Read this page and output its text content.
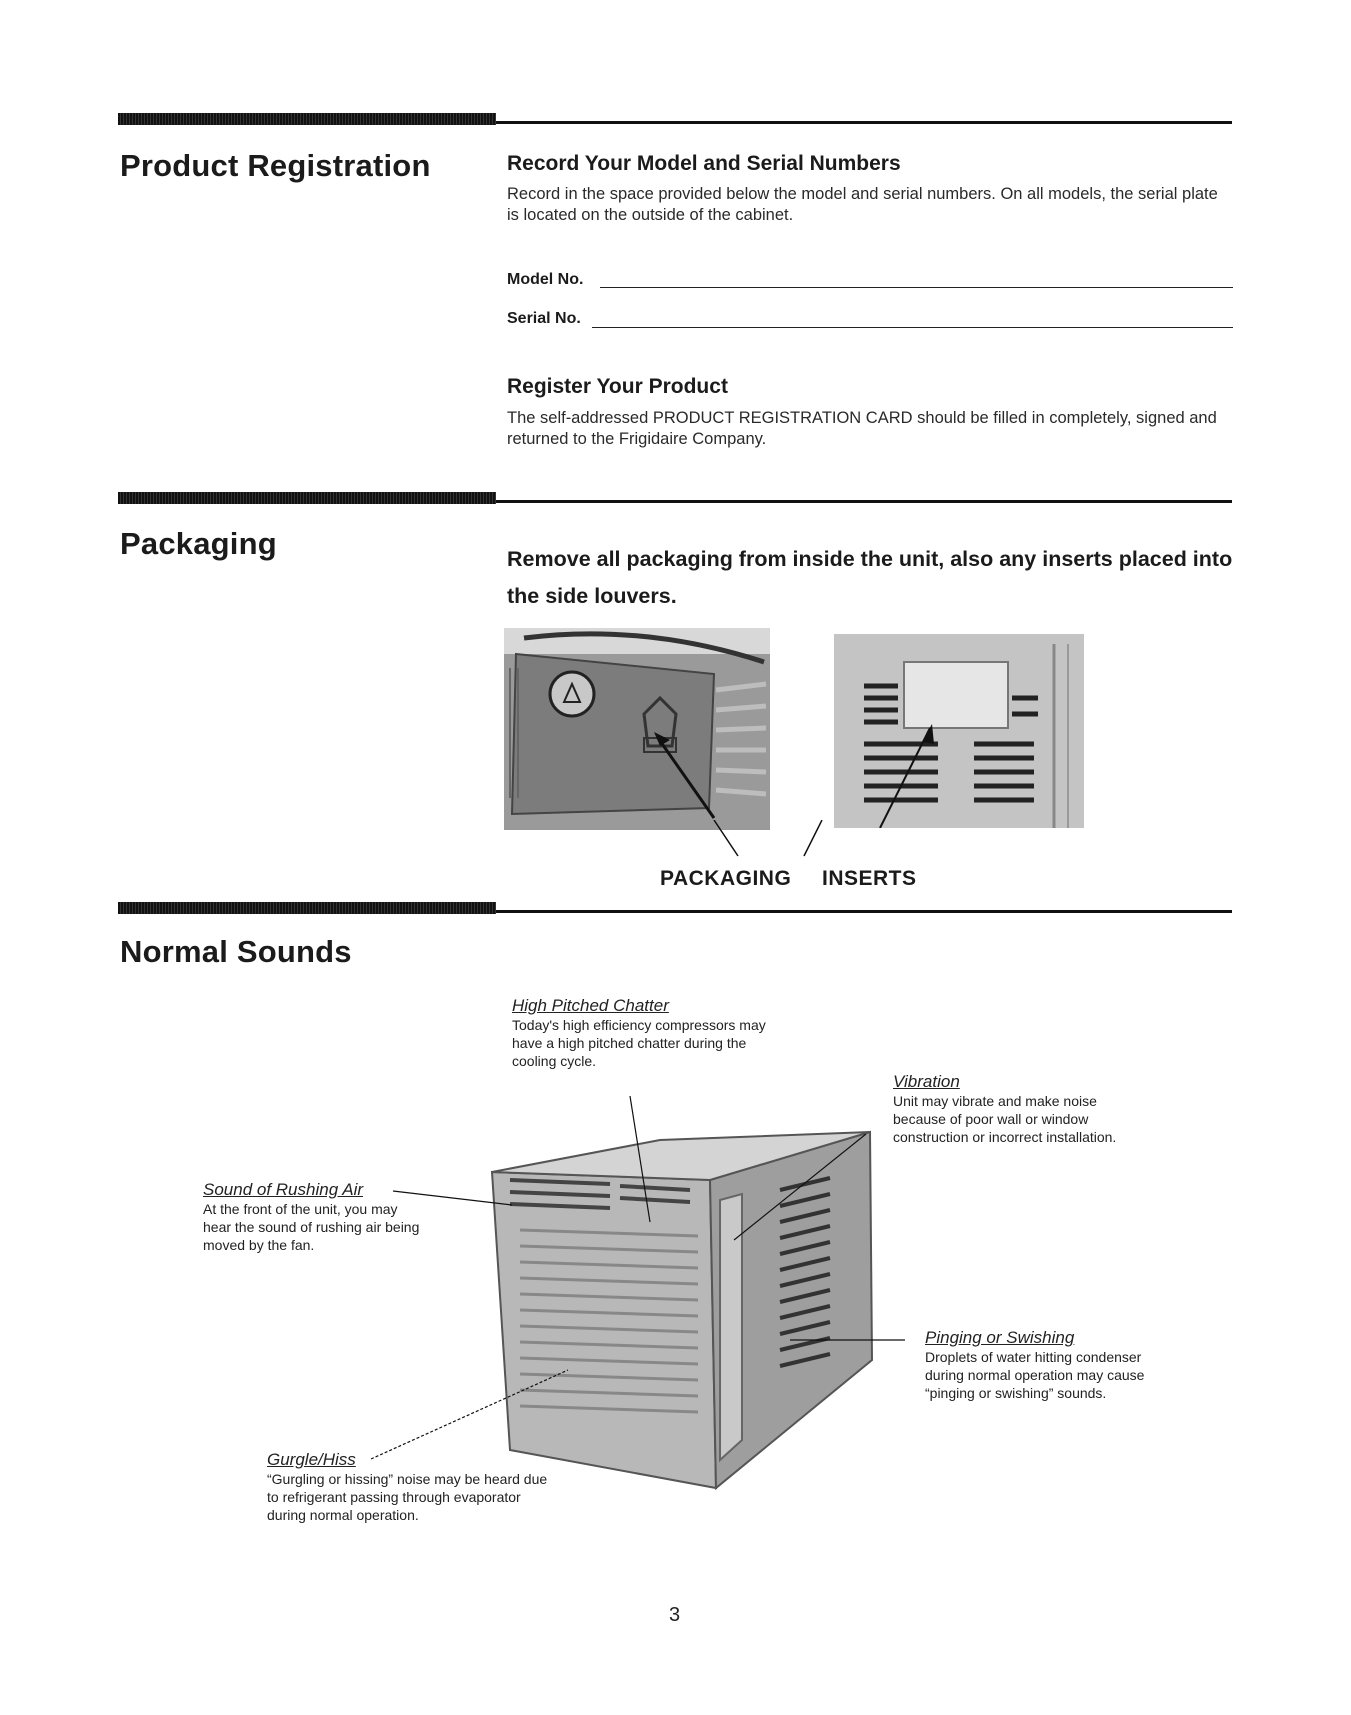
Product Registration	Record Your Model and Serial Numbers
Record in the space provided below the model and serial numbers. On all models, the serial plate is located on the outside of the cabinet.
Model No.
Serial No.
Register Your Product
The self-addressed PRODUCT REGISTRATION CARD should be filled in completely, signed and returned to the Frigidaire Company.
Packaging	Remove all packaging from inside the unit, also any inserts placed into the side louvers.
PACKAGING INSERTS
Normal Sounds
High Pitched Chatter
Today's high efficiency compressors may have a high pitched chatter during the cooling cycle.
Vibration
Unit may vibrate and make noise because of poor wall or window construction or incorrect installation.
Sound of Rushing Air
At the front of the unit, you may hear the sound of rushing air being moved by the fan.
Pinging or Swishing
Droplets of water hitting condenser during normal operation may cause “pinging or swishing” sounds.
Gurgle/Hiss
“Gurgling or hissing” noise may be heard due to refrigerant passing through evaporator during normal operation.
3
